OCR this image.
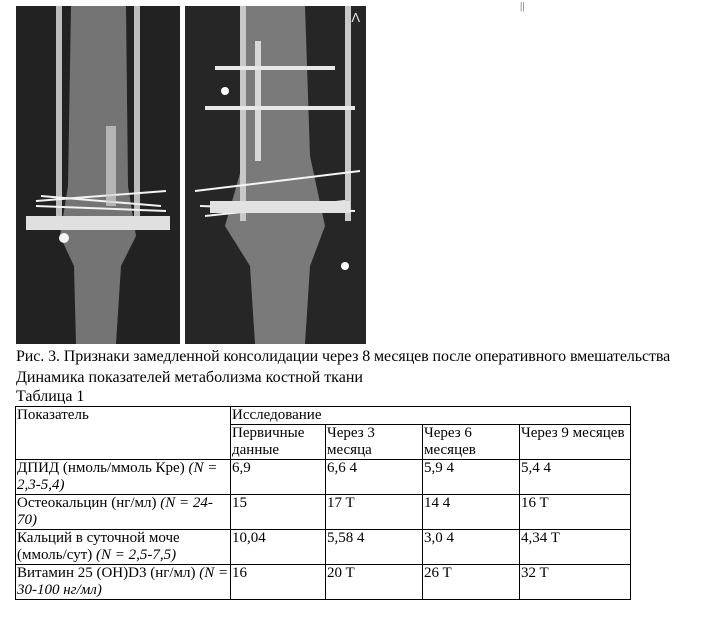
Λ
||
Рис. 3. Признаки замедленной консолидации через 8 месяцев после оперативного вмешательства
Динамика показателей метаболизма костной ткани
Таблица 1
Показатель	Исследование			
	Первичные данные	Через 3 месяца	Через 6 месяцев	Через 9 месяцев
ДПИД (нмоль/ммоль Кре) (N = 2,3-5,4)	6,9	6,6 4	5,9 4	5,4 4
Остеокальцин (нг/мл) (N = 24-70)	15	17 T	14 4	16 T
Кальций в суточной моче (ммоль/сут) (N = 2,5-7,5)	10,04	5,58 4	3,0 4	4,34 T
Витамин 25 (OH)D3 (нг/мл) (N = 30-100 нг/мл)	16	20 T	26 T	32 T
